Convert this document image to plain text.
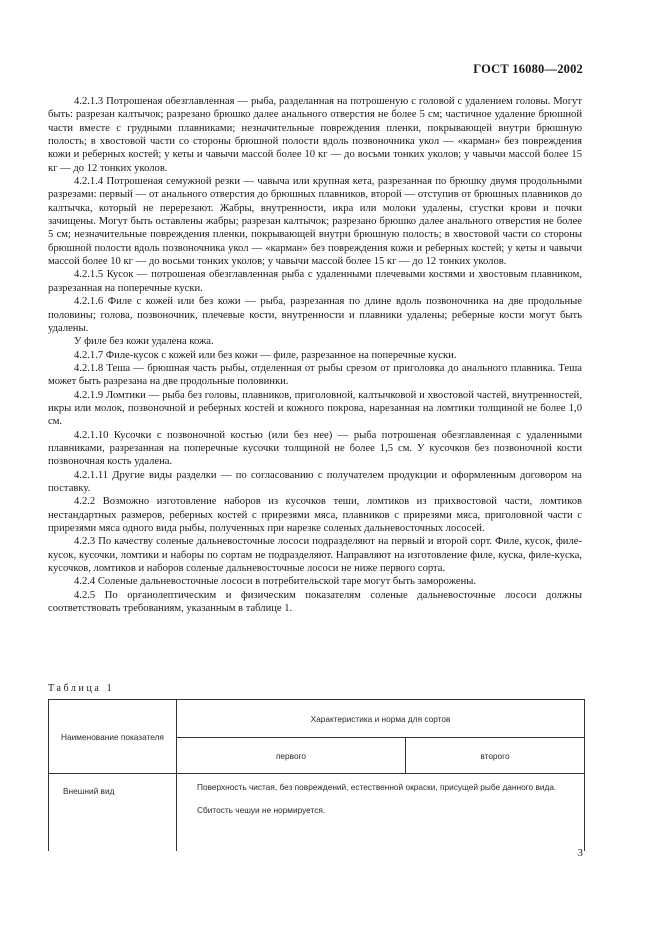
ГОСТ 16080—2002

4.2.1.3 Потрошеная обезглавленная — рыба, разделанная на потрошеную с головой с удалением головы. Могут быть: разрезан калтычок; разрезано брюшко далее анального отверстия не более 5 см; частичное удаление брюшной части вместе с грудными плавниками; незначительные повреждения пленки, покрывающей внутри брюшную полость; в хвостовой части со стороны брюшной полости вдоль позвоночника укол — «карман» без повреждения кожи и реберных костей; у кеты и чавычи массой более 10 кг — до восьми тонких уколов; у чавычи массой более 15 кг — до 12 тонких уколов.

4.2.1.4 Потрошеная семужной резки — чавыча или крупная кета, разрезанная по брюшку двумя продольными разрезами: первый — от анального отверстия до брюшных плавников, второй — отступив от брюшных плавников до калтычка, который не перерезают. Жабры, внутренности, икра или молоки удалены, сгустки крови и почки зачищены. Могут быть оставлены жабры; разрезан калтычок; разрезано брюшко далее анального отверстия не более 5 см; незначительные повреждения пленки, покрывающей внутри брюшную полость; в хвостовой части со стороны брюшной полости вдоль позвоночника укол — «карман» без повреждения кожи и реберных костей; у кеты и чавычи массой более 10 кг — до восьми тонких уколов; у чавычи массой более 15 кг — до 12 тонких уколов.

4.2.1.5 Кусок — потрошеная обезглавленная рыба с удаленными плечевыми костями и хвостовым плавником, разрезанная на поперечные куски.

4.2.1.6 Филе с кожей или без кожи — рыба, разрезанная по длине вдоль позвоночника на две продольные половины; голова, позвоночник, плечевые кости, внутренности и плавники удалены; реберные кости могут быть удалены.

У филе без кожи удалена кожа.

4.2.1.7 Филе-кусок с кожей или без кожи — филе, разрезанное на поперечные куски.

4.2.1.8 Теша — брюшная часть рыбы, отделенная от рыбы срезом от приголовка до анального плавника. Теша может быть разрезана на две продольные половинки.

4.2.1.9 Ломтики — рыба без головы, плавников, приголовной, калтычковой и хвостовой частей, внутренностей, икры или молок, позвоночной и реберных костей и кожного покрова, нарезанная на ломтики толщиной не более 1,0 см.

4.2.1.10 Кусочки с позвоночной костью (или без нее) — рыба потрошеная обезглавленная с удаленными плавниками, разрезанная на поперечные кусочки толщиной не более 1,5 см. У кусочков без позвоночной кости позвоночная кость удалена.

4.2.1.11 Другие виды разделки — по согласованию с получателем продукции и оформленным договором на поставку.

4.2.2 Возможно изготовление наборов из кусочков теши, ломтиков из прихвостовой части, ломтиков нестандартных размеров, реберных костей с прирезями мяса, плавников с прирезями мяса, приголовной части с прирезями мяса одного вида рыбы, полученных при нарезке соленых дальневосточных лососей.

4.2.3 По качеству соленые дальневосточные лососи подразделяют на первый и второй сорт. Филе, кусок, филе-кусок, кусочки, ломтики и наборы по сортам не подразделяют. Направляют на изготовление филе, куска, филе-куска, кусочков, ломтиков и наборов соленые дальневосточные лососи не ниже первого сорта.

4.2.4 Соленые дальневосточные лососи в потребительской таре могут быть заморожены.

4.2.5 По органолептическим и физическим показателям соленые дальневосточные лососи должны соответствовать требованиям, указанным в таблице 1.

Таблица 1
Наименование показателя	Характеристика и норма для сортов	
	первого	второго
Внешний вид	Поверхность чистая, без повреждений, естественной окраски, присущей рыбе данного вида.

Сбитость чешуи не нормируется.	

3
